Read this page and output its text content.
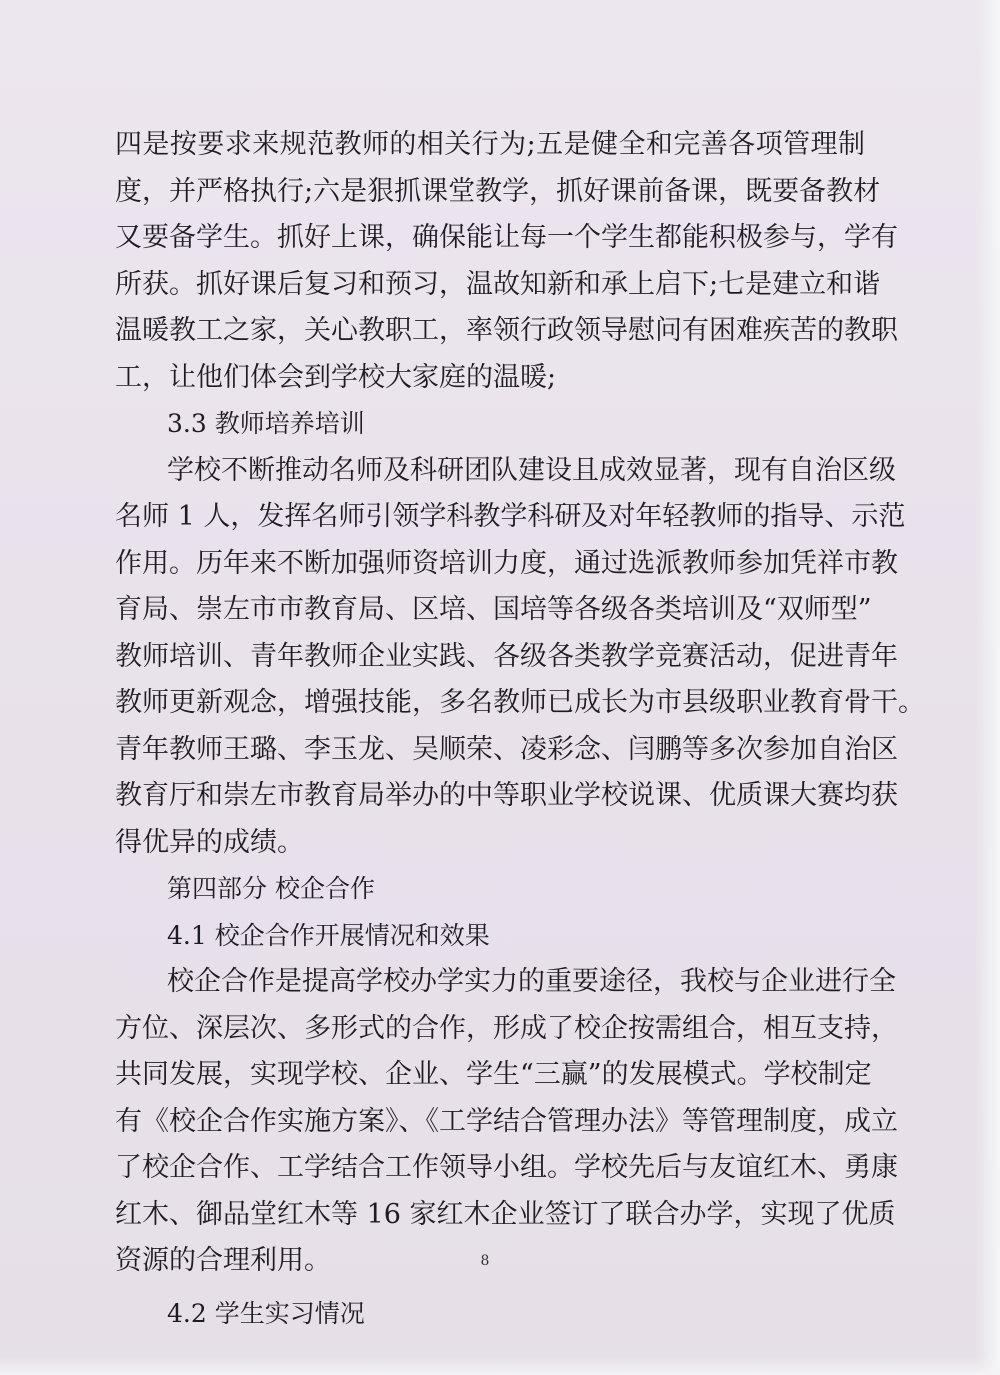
四是按要求来规范教师的相关行为;五是健全和完善各项管理制
度，并严格执行;六是狠抓课堂教学，抓好课前备课，既要备教材
又要备学生。抓好上课，确保能让每一个学生都能积极参与，学有
所获。抓好课后复习和预习，温故知新和承上启下;七是建立和谐
温暖教工之家，关心教职工，率领行政领导慰问有困难疾苦的教职
工，让他们体会到学校大家庭的温暖;
3.3 教师培养培训
学校不断推动名师及科研团队建设且成效显著，现有自治区级
名师 1 人，发挥名师引领学科教学科研及对年轻教师的指导、示范
作用。历年来不断加强师资培训力度，通过选派教师参加凭祥市教
育局、崇左市市教育局、区培、国培等各级各类培训及“双师型”
教师培训、青年教师企业实践、各级各类教学竞赛活动，促进青年
教师更新观念，增强技能，多名教师已成长为市县级职业教育骨干。
青年教师王璐、李玉龙、吴顺荣、凌彩念、闫鹏等多次参加自治区
教育厅和崇左市教育局举办的中等职业学校说课、优质课大赛均获
得优异的成绩。
第四部分 校企合作
4.1 校企合作开展情况和效果
校企合作是提高学校办学实力的重要途径，我校与企业进行全
方位、深层次、多形式的合作，形成了校企按需组合，相互支持，
共同发展，实现学校、企业、学生“三赢”的发展模式。学校制定
有《校企合作实施方案》、《工学结合管理办法》等管理制度，成立
了校企合作、工学结合工作领导小组。学校先后与友谊红木、勇康
红木、御品堂红木等 16 家红木企业签订了联合办学，实现了优质
资源的合理利用。
4.2 学生实习情况
8
